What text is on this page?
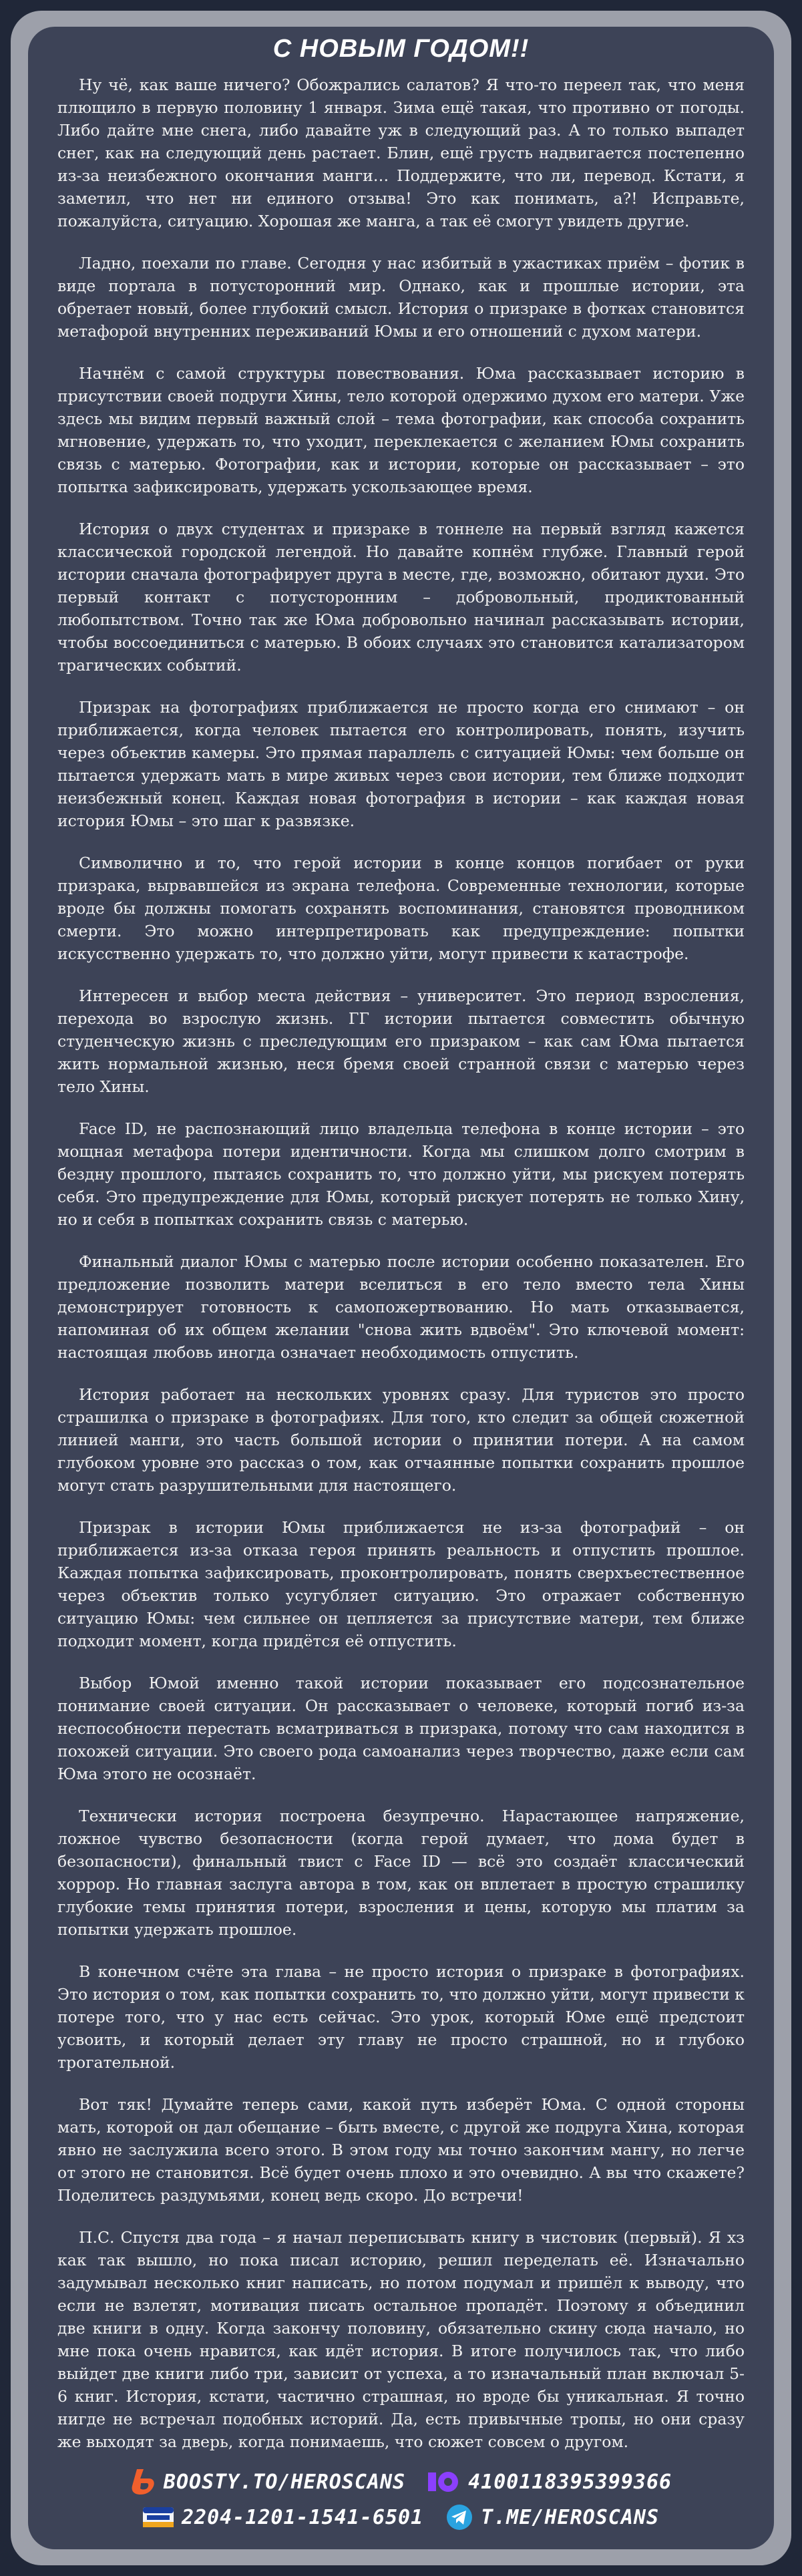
С НОВЫМ ГОДОМ!!

Ну чё, как ваше ничего? Обожрались салатов? Я что-то переел так, что меня плющило в первую половину 1 января. Зима ещё такая, что противно от погоды. Либо дайте мне снега, либо давайте уж в следующий раз. А то только выпадет снег, как на следующий день растает. Блин, ещё грусть надвигается постепенно из-за неизбежного окончания манги… Поддержите, что ли, перевод. Кстати, я заметил, что нет ни единого отзыва! Это как понимать, а?! Исправьте, пожалуйста, ситуацию. Хорошая же манга, а так её смогут увидеть другие.

Ладно, поехали по главе. Сегодня у нас избитый в ужастиках приём – фотик в виде портала в потусторонний мир. Однако, как и прошлые истории, эта обретает новый, более глубокий смысл. История о призраке в фотках становится метафорой внутренних переживаний Юмы и его отношений с духом матери.

Начнём с самой структуры повествования. Юма рассказывает историю в присутствии своей подруги Хины, тело которой одержимо духом его матери. Уже здесь мы видим первый важный слой – тема фотографии, как способа сохранить мгновение, удержать то, что уходит, переклекается с желанием Юмы сохранить связь с матерью. Фотографии, как и истории, которые он рассказывает – это попытка зафиксировать, удержать ускользающее время.

История о двух студентах и призраке в тоннеле на первый взгляд кажется классической городской легендой. Но давайте копнём глубже. Главный герой истории сначала фотографирует друга в месте, где, возможно, обитают духи. Это первый контакт с потусторонним – добровольный, продиктованный любопытством. Точно так же Юма добровольно начинал рассказывать истории, чтобы воссоединиться с матерью. В обоих случаях это становится катализатором трагических событий.

Призрак на фотографиях приближается не просто когда его снимают – он приближается, когда человек пытается его контролировать, понять, изучить через объектив камеры. Это прямая параллель с ситуацией Юмы: чем больше он пытается удержать мать в мире живых через свои истории, тем ближе подходит неизбежный конец. Каждая новая фотография в истории – как каждая новая история Юмы – это шаг к развязке.

Символично и то, что герой истории в конце концов погибает от руки призрака, вырвавшейся из экрана телефона. Современные технологии, которые вроде бы должны помогать сохранять воспоминания, становятся проводником смерти. Это можно интерпретировать как предупреждение: попытки искусственно удержать то, что должно уйти, могут привести к катастрофе.

Интересен и выбор места действия – университет. Это период взросления, перехода во взрослую жизнь. ГГ истории пытается совместить обычную студенческую жизнь с преследующим его призраком – как сам Юма пытается жить нормальной жизнью, неся бремя своей странной связи с матерью через тело Хины.

Face ID, не распознающий лицо владельца телефона в конце истории – это мощная метафора потери идентичности. Когда мы слишком долго смотрим в бездну прошлого, пытаясь сохранить то, что должно уйти, мы рискуем потерять себя. Это предупреждение для Юмы, который рискует потерять не только Хину, но и себя в попытках сохранить связь с матерью.

Финальный диалог Юмы с матерью после истории особенно показателен. Его предложение позволить матери вселиться в его тело вместо тела Хины демонстрирует готовность к самопожертвованию. Но мать отказывается, напоминая об их общем желании "снова жить вдвоём". Это ключевой момент: настоящая любовь иногда означает необходимость отпустить.

История работает на нескольких уровнях сразу. Для туристов это просто страшилка о призраке в фотографиях. Для того, кто следит за общей сюжетной линией манги, это часть большой истории о принятии потери. А на самом глубоком уровне это рассказ о том, как отчаянные попытки сохранить прошлое могут стать разрушительными для настоящего.

Призрак в истории Юмы приближается не из-за фотографий – он приближается из-за отказа героя принять реальность и отпустить прошлое. Каждая попытка зафиксировать, проконтролировать, понять сверхъестественное через объектив только усугубляет ситуацию. Это отражает собственную ситуацию Юмы: чем сильнее он цепляется за присутствие матери, тем ближе подходит момент, когда придётся её отпустить.

Выбор Юмой именно такой истории показывает его подсознательное понимание своей ситуации. Он рассказывает о человеке, который погиб из-за неспособности перестать всматриваться в призрака, потому что сам находится в похожей ситуации. Это своего рода самоанализ через творчество, даже если сам Юма этого не осознаёт.

Технически история построена безупречно. Нарастающее напряжение, ложное чувство безопасности (когда герой думает, что дома будет в безопасности), финальный твист с Face ID — всё это создаёт классический хоррор. Но главная заслуга автора в том, как он вплетает в простую страшилку глубокие темы принятия потери, взросления и цены, которую мы платим за попытки удержать прошлое.

В конечном счёте эта глава – не просто история о призраке в фотографиях. Это история о том, как попытки сохранить то, что должно уйти, могут привести к потере того, что у нас есть сейчас. Это урок, который Юме ещё предстоит усвоить, и который делает эту главу не просто страшной, но и глубоко трогательной.

Вот тяк! Думайте теперь сами, какой путь изберёт Юма. С одной стороны мать, которой он дал обещание – быть вместе, с другой же подруга Хина, которая явно не заслужила всего этого. В этом году мы точно закончим мангу, но легче от этого не становится. Всё будет очень плохо и это очевидно. А вы что скажете? Поделитесь раздумьями, конец ведь скоро. До встречи!

П.С. Спустя два года – я начал переписывать книгу в чистовик (первый). Я хз как так вышло, но пока писал историю, решил переделать её. Изначально задумывал несколько книг написать, но потом подумал и пришёл к выводу, что если не взлетят, мотивация писать остальное пропадёт. Поэтому я объединил две книги в одну. Когда закончу половину, обязательно скину сюда начало, но мне пока очень нравится, как идёт история. В итоге получилось так, что либо выйдет две книги либо три, зависит от успеха, а то изначальный план включал 5-6 книг. История, кстати, частично страшная, но вроде бы уникальная. Я точно нигде не встречал подобных историй. Да, есть привычные тропы, но они сразу же выходят за дверь, когда понимаешь, что сюжет совсем о другом.

BOOSTY.TO/HEROSCANS	4100118395399366
2204-1201-1541-6501	T.ME/HEROSCANS
